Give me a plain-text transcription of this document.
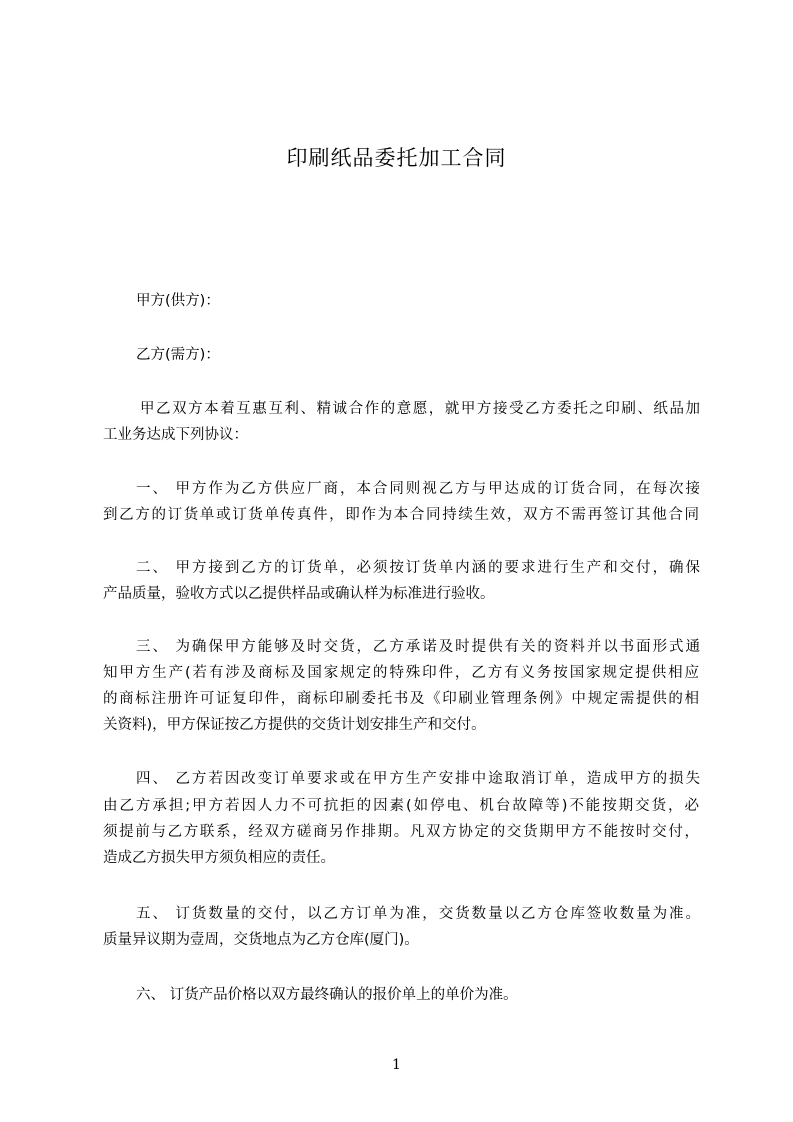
印刷纸品委托加工合同
甲方(供方)：
乙方(需方)：
甲乙双方本着互惠互利、精诚合作的意愿，就甲方接受乙方委托之印刷、纸品加
工业务达成下列协议：
一、 甲方作为乙方供应厂商，本合同则视乙方与甲达成的订货合同，在每次接
到乙方的订货单或订货单传真件，即作为本合同持续生效，双方不需再签订其他合同
二、 甲方接到乙方的订货单，必须按订货单内涵的要求进行生产和交付，确保
产品质量，验收方式以乙提供样品或确认样为标准进行验收。
三、 为确保甲方能够及时交货，乙方承诺及时提供有关的资料并以书面形式通
知甲方生产(若有涉及商标及国家规定的特殊印件，乙方有义务按国家规定提供相应
的商标注册许可证复印件，商标印刷委托书及《印刷业管理条例》中规定需提供的相
关资料)，甲方保证按乙方提供的交货计划安排生产和交付。
四、 乙方若因改变订单要求或在甲方生产安排中途取消订单，造成甲方的损失
由乙方承担;甲方若因人力不可抗拒的因素(如停电、机台故障等)不能按期交货，必
须提前与乙方联系，经双方磋商另作排期。凡双方协定的交货期甲方不能按时交付，
造成乙方损失甲方须负相应的责任。
五、 订货数量的交付，以乙方订单为准，交货数量以乙方仓库签收数量为准。
质量异议期为壹周，交货地点为乙方仓库(厦门)。
六、 订货产品价格以双方最终确认的报价单上的单价为准。
1
